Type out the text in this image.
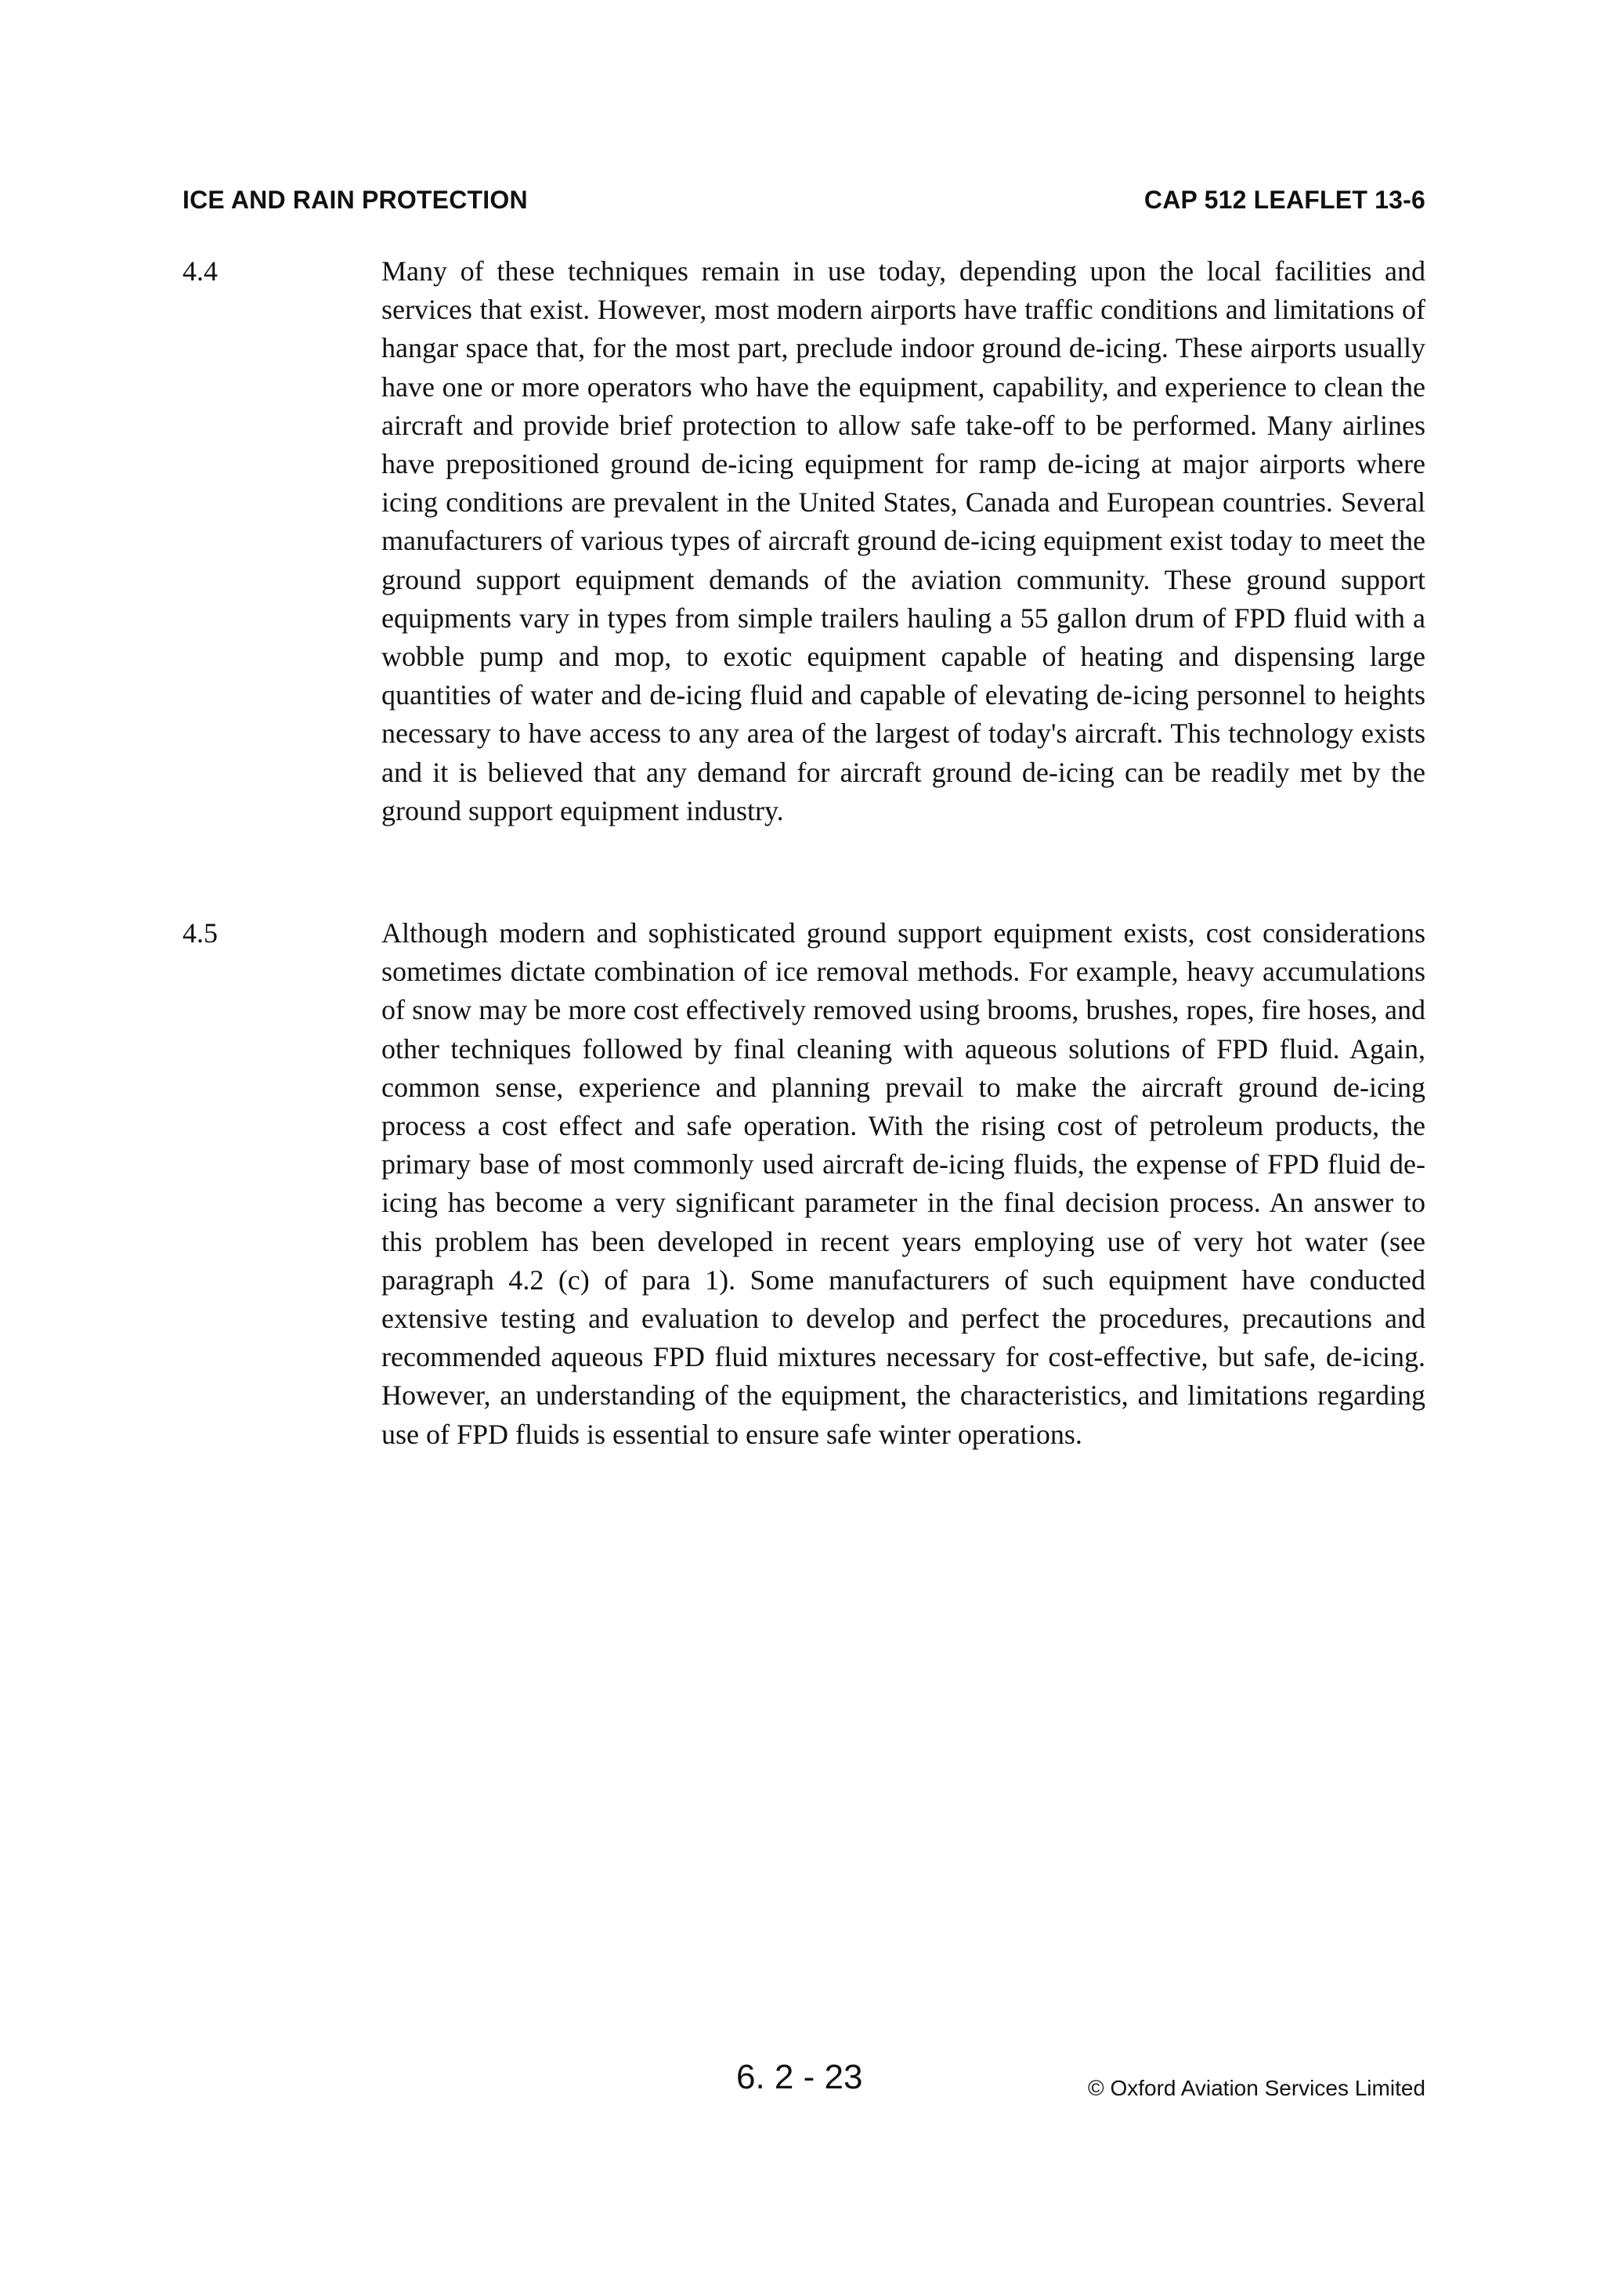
ICE AND RAIN PROTECTION	CAP 512 LEAFLET 13-6
4.4	Many of these techniques remain in use today, depending upon the local facilities and services that exist. However, most modern airports have traffic conditions and limitations of hangar space that, for the most part, preclude indoor ground de-icing. These airports usually have one or more operators who have the equipment, capability, and experience to clean the aircraft and provide brief protection to allow safe take-off to be performed. Many airlines have prepositioned ground de-icing equipment for ramp de-icing at major airports where icing conditions are prevalent in the United States, Canada and European countries. Several manufacturers of various types of aircraft ground de-icing equipment exist today to meet the ground support equipment demands of the aviation community. These ground support equipments vary in types from simple trailers hauling a 55 gallon drum of FPD fluid with a wobble pump and mop, to exotic equipment capable of heating and dispensing large quantities of water and de-icing fluid and capable of elevating de-icing personnel to heights necessary to have access to any area of the largest of today's aircraft. This technology exists and it is believed that any demand for aircraft ground de-icing can be readily met by the ground support equipment industry.
4.5	Although modern and sophisticated ground support equipment exists, cost considerations sometimes dictate combination of ice removal methods. For example, heavy accumulations of snow may be more cost effectively removed using brooms, brushes, ropes, fire hoses, and other techniques followed by final cleaning with aqueous solutions of FPD fluid. Again, common sense, experience and planning prevail to make the aircraft ground de-icing process a cost effect and safe operation. With the rising cost of petroleum products, the primary base of most commonly used aircraft de-icing fluids, the expense of FPD fluid de-icing has become a very significant parameter in the final decision process. An answer to this problem has been developed in recent years employing use of very hot water (see paragraph 4.2 (c) of para 1). Some manufacturers of such equipment have conducted extensive testing and evaluation to develop and perfect the procedures, precautions and recommended aqueous FPD fluid mixtures necessary for cost-effective, but safe, de-icing. However, an understanding of the equipment, the characteristics, and limitations regarding use of FPD fluids is essential to ensure safe winter operations.
6. 2 - 23	© Oxford Aviation Services Limited
